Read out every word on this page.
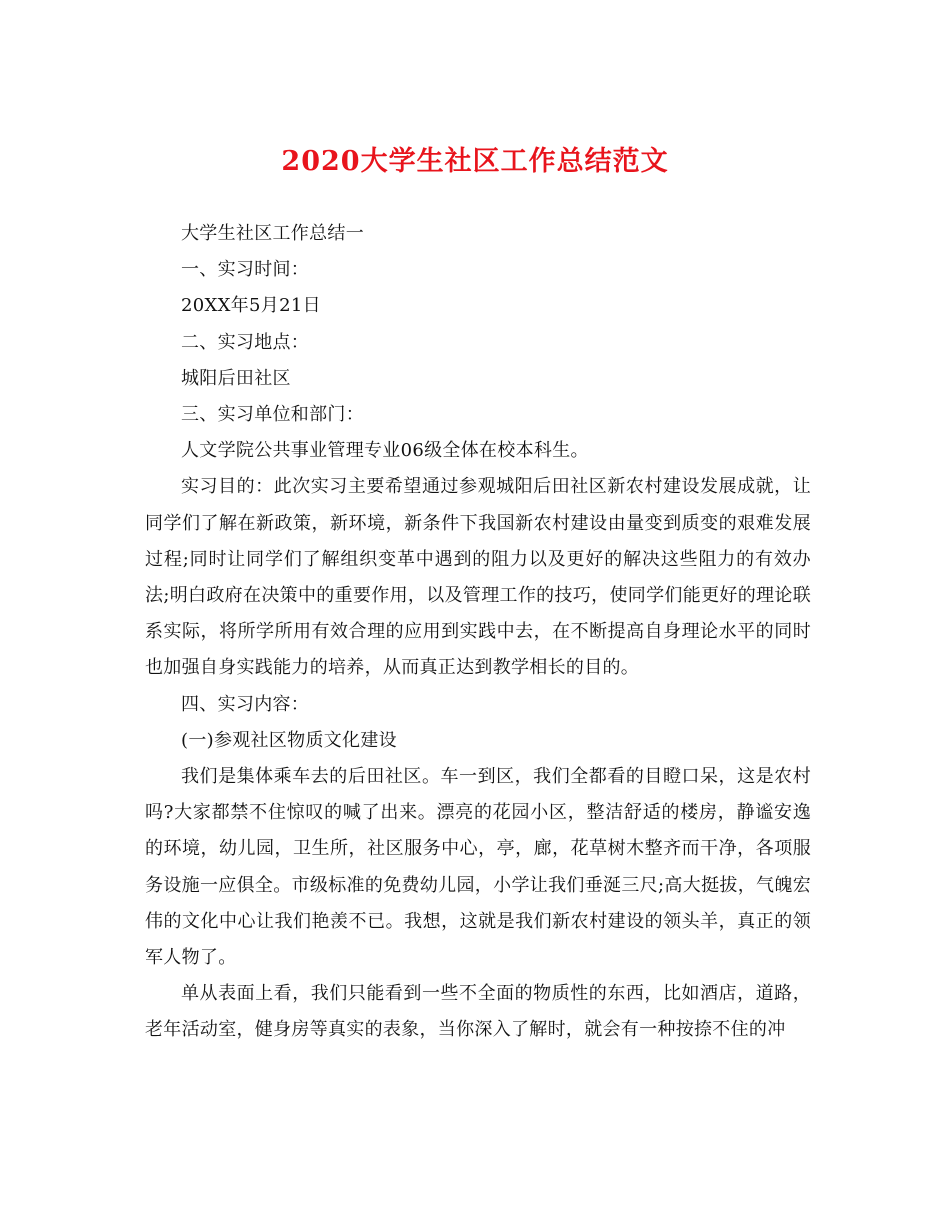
2020大学生社区工作总结范文

大学生社区工作总结一

一、实习时间：

20XX年5月21日

二、实习地点：

城阳后田社区

三、实习单位和部门：

人文学院公共事业管理专业06级全体在校本科生。

实习目的：此次实习主要希望通过参观城阳后田社区新农村建设发展成就，让同学们了解在新政策，新环境，新条件下我国新农村建设由量变到质变的艰难发展过程;同时让同学们了解组织变革中遇到的阻力以及更好的解决这些阻力的有效办法;明白政府在决策中的重要作用，以及管理工作的技巧，使同学们能更好的理论联系实际，将所学所用有效合理的应用到实践中去，在不断提高自身理论水平的同时也加强自身实践能力的培养，从而真正达到教学相长的目的。

四、实习内容：

(一)参观社区物质文化建设

我们是集体乘车去的后田社区。车一到区，我们全都看的目瞪口呆，这是农村吗?大家都禁不住惊叹的喊了出来。漂亮的花园小区，整洁舒适的楼房，静谧安逸的环境，幼儿园，卫生所，社区服务中心，亭，廊，花草树木整齐而干净，各项服务设施一应俱全。市级标准的免费幼儿园，小学让我们垂涎三尺;高大挺拔，气魄宏伟的文化中心让我们艳羡不已。我想，这就是我们新农村建设的领头羊，真正的领军人物了。

单从表面上看，我们只能看到一些不全面的物质性的东西，比如酒店，道路，老年活动室，健身房等真实的表象，当你深入了解时，就会有一种按捺不住的冲
